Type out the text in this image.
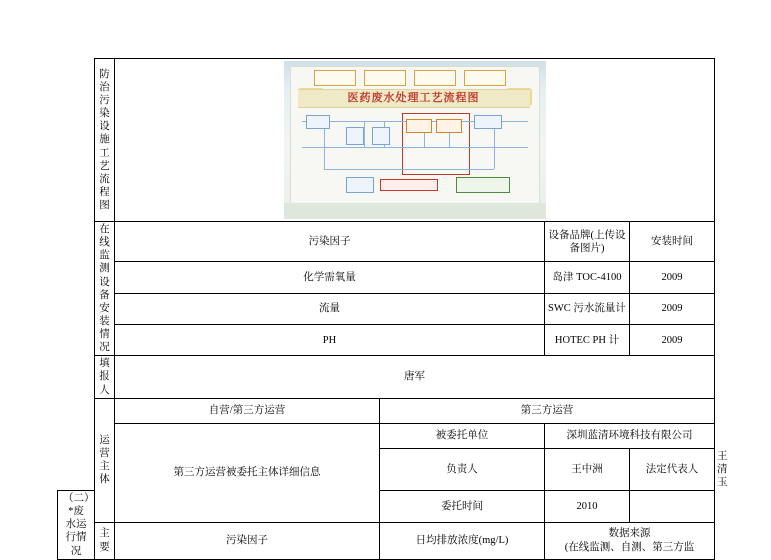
	防治污染设施工艺流程图	医药废水处理工艺流程图				

	在线监测设备安装情况	污染因子		设备品牌(上传设备图片)	安装时间	
		化学需氧量		岛津 TOC-4100	2009	
		流量		SWC 污水流量计	2009	
		PH		HOTEC PH 计	2009	

	填报人	唐军				

	运营主体	自营/第三方运营	第三方运营			
		第三方运营被委托主体详细信息	被委托单位	深圳蓝清环境科技有限公司		
			负责人	王中洲	法定代表人	王清玉

（二）
*废水运行情况			委托时间	2010		

	主要	污染因子	日均排放浓度(mg/L)	数据来源
(在线监测、自测、第三方监		
